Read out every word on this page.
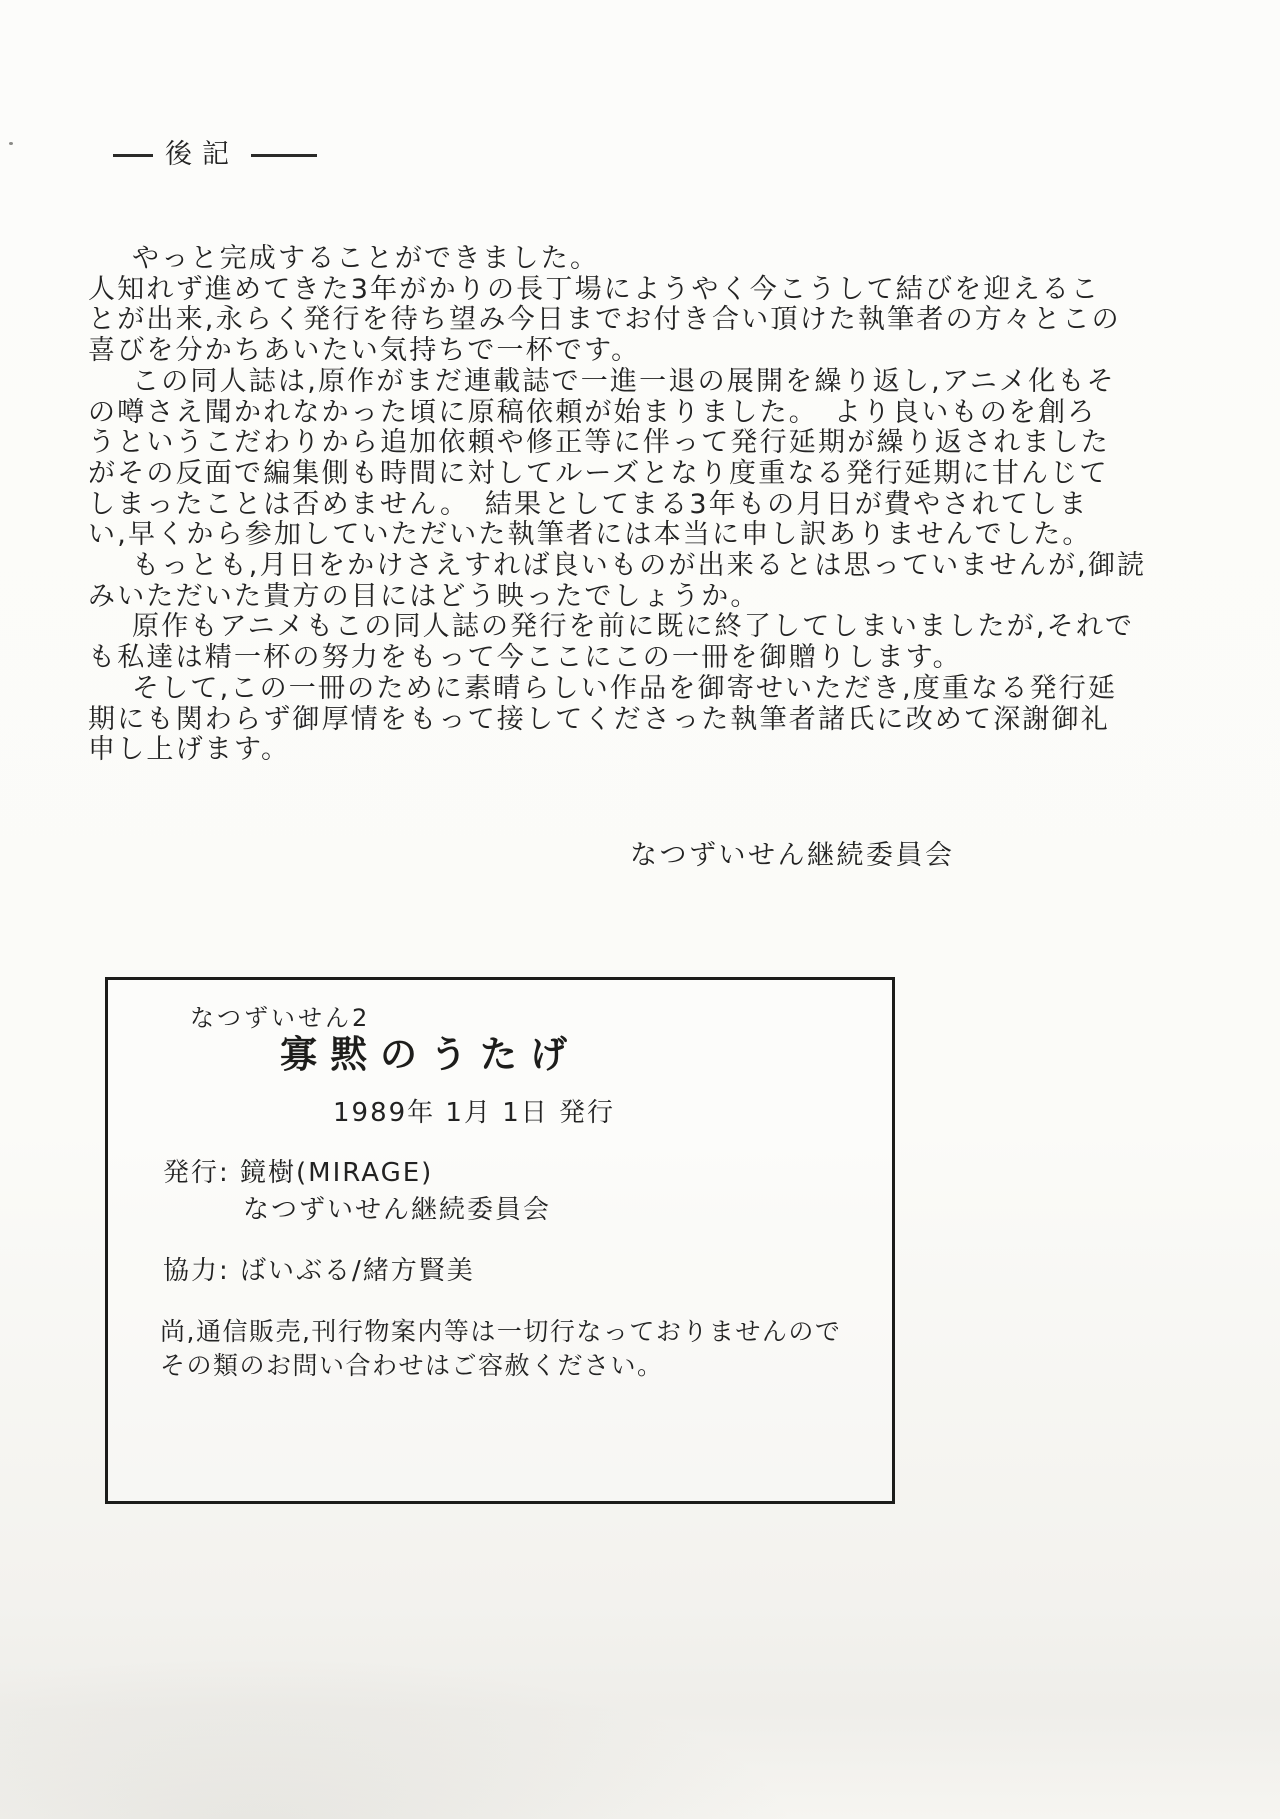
後記
やっと完成することができました。
人知れず進めてきた3年がかりの長丁場にようやく今こうして結びを迎えるこ
とが出来,永らく発行を待ち望み今日までお付き合い頂けた執筆者の方々とこの
喜びを分かちあいたい気持ちで一杯です。
この同人誌は,原作がまだ連載誌で一進一退の展開を繰り返し,アニメ化もそ
の噂さえ聞かれなかった頃に原稿依頼が始まりました。　より良いものを創ろ
うというこだわりから追加依頼や修正等に伴って発行延期が繰り返されました
がその反面で編集側も時間に対してルーズとなり度重なる発行延期に甘んじて
しまったことは否めません。　結果としてまる3年もの月日が費やされてしま
い,早くから参加していただいた執筆者には本当に申し訳ありませんでした。
もっとも,月日をかけさえすれば良いものが出来るとは思っていませんが,御読
みいただいた貴方の目にはどう映ったでしょうか。
原作もアニメもこの同人誌の発行を前に既に終了してしまいましたが,それで
も私達は精一杯の努力をもって今ここにこの一冊を御贈りします。
そして,この一冊のために素晴らしい作品を御寄せいただき,度重なる発行延
期にも関わらず御厚情をもって接してくださった執筆者諸氏に改めて深謝御礼
申し上げます。
なつずいせん継続委員会
なつずいせん2
寡黙のうたげ
1989年 1月 1日 発行
発行: 鏡樹(MIRAGE)
なつずいせん継続委員会
協力: ばいぶる/緒方賢美
尚,通信販売,刊行物案内等は一切行なっておりませんので
その類のお問い合わせはご容赦ください。
